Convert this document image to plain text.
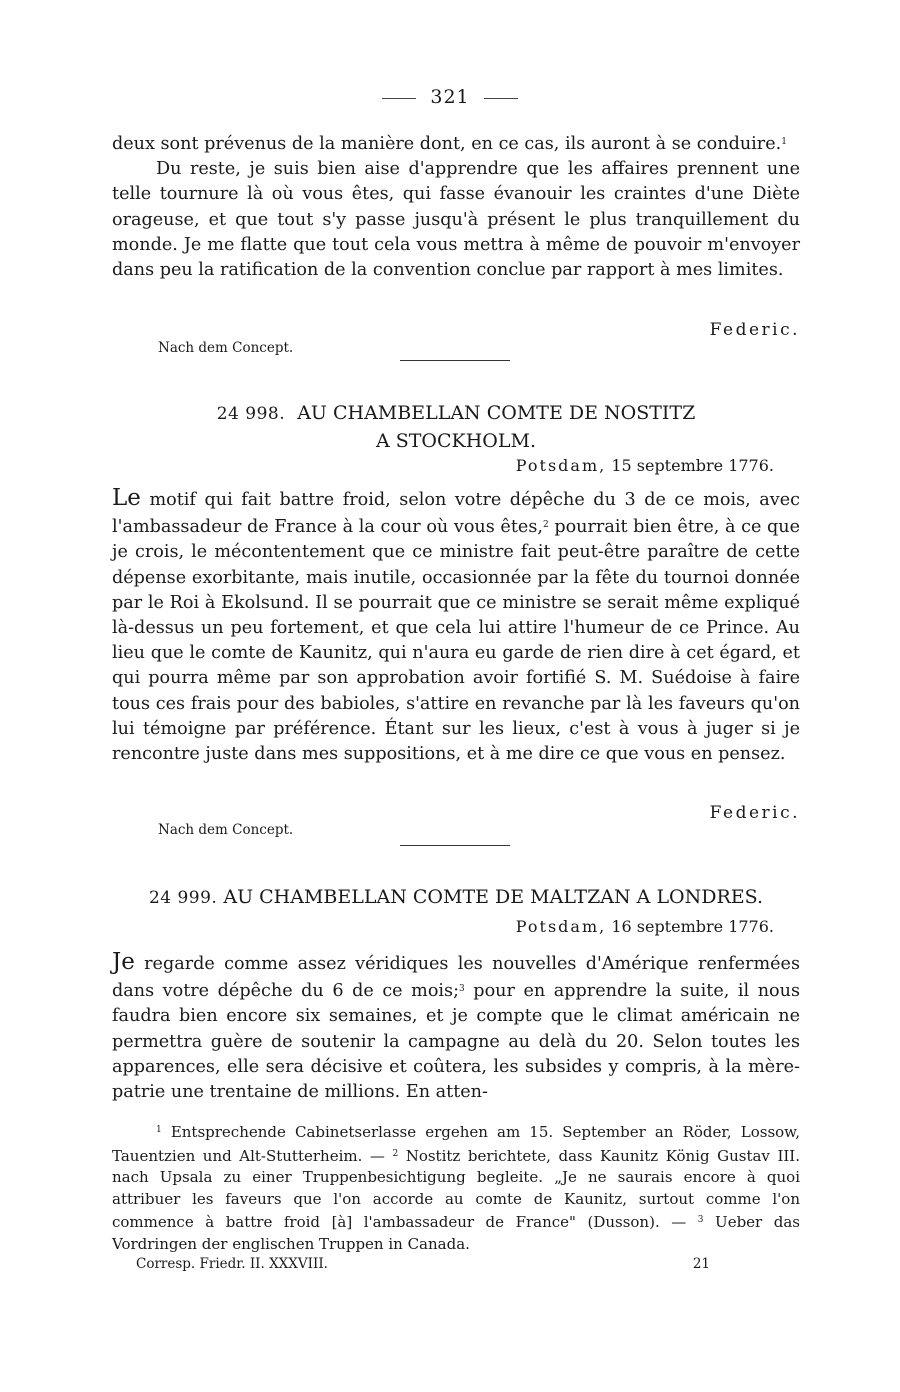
321

deux sont prévenus de la manière dont, en ce cas, ils auront à se conduire.$^1$

Du reste, je suis bien aise d'apprendre que les affaires prennent une telle tournure là où vous êtes, qui fasse évanouir les craintes d'une Diète orageuse, et que tout s'y passe jusqu'à présent le plus tranquillement du monde. Je me flatte que tout cela vous mettra à même de pouvoir m'envoyer dans peu la ratification de la convention conclue par rapport à mes limites.

Federic.
Nach dem Concept.
24 998. AU CHAMBELLAN COMTE DE NOSTITZ
A STOCKHOLM.
Potsdam, 15 septembre 1776.

Le motif qui fait battre froid, selon votre dépêche du 3 de ce mois, avec l'ambassadeur de France à la cour où vous êtes,$^2$ pourrait bien être, à ce que je crois, le mécontentement que ce ministre fait peut-être paraître de cette dépense exorbitante, mais inutile, occasionnée par la fête du tournoi donnée par le Roi à Ekolsund. Il se pourrait que ce ministre se serait même expliqué là-dessus un peu fortement, et que cela lui attire l'humeur de ce Prince. Au lieu que le comte de Kaunitz, qui n'aura eu garde de rien dire à cet égard, et qui pourra même par son approbation avoir fortifié S. M. Suédoise à faire tous ces frais pour des babioles, s'attire en revanche par là les faveurs qu'on lui témoigne par préférence. Étant sur les lieux, c'est à vous à juger si je rencontre juste dans mes suppositions, et à me dire ce que vous en pensez.

Federic.
Nach dem Concept.
24 999. AU CHAMBELLAN COMTE DE MALTZAN A LONDRES.
Potsdam, 16 septembre 1776.

Je regarde comme assez véridiques les nouvelles d'Amérique renfermées dans votre dépêche du 6 de ce mois;$^3$ pour en apprendre la suite, il nous faudra bien encore six semaines, et je compte que le climat américain ne permettra guère de soutenir la campagne au delà du 20. Selon toutes les apparences, elle sera décisive et coûtera, les subsides y compris, à la mère-patrie une trentaine de millions. En atten-

$^1$ Entsprechende Cabinetserlasse ergehen am 15. September an Röder, Lossow, Tauentzien und Alt-Stutterheim. — $^2$ Nostitz berichtete, dass Kaunitz König Gustav III. nach Upsala zu einer Truppenbesichtigung begleite. „Je ne saurais encore à quoi attribuer les faveurs que l'on accorde au comte de Kaunitz, surtout comme l'on commence à battre froid [à] l'ambassadeur de France" (Dusson). — $^3$ Ueber das Vordringen der englischen Truppen in Canada.

Corresp. Friedr. II. XXXVIII.	21
